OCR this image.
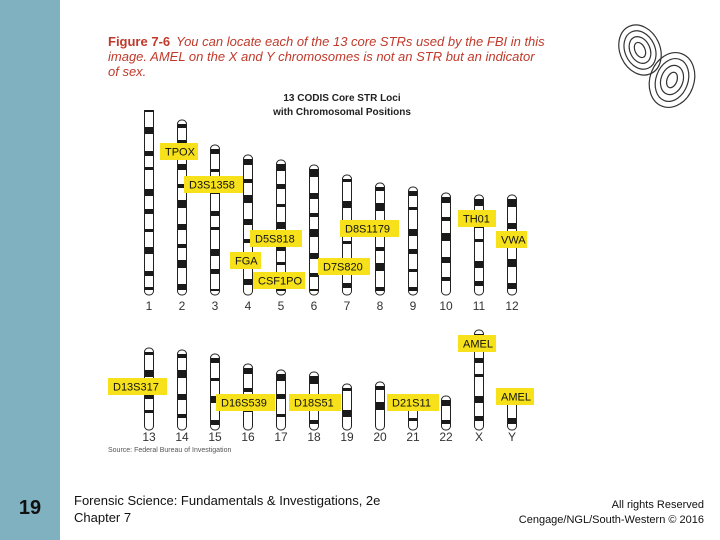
19
Figure 7-6 You can locate each of the 13 core STRs used by the FBI in this image. AMEL on the X and Y chromosomes is not an STR but an indicator of sex.
13 CODIS Core STR Loci
with Chromosomal Positions
1 2 3 4 5 6 7 8 9 10 11 12
13 14 15 16 17 18 19 20 21 22 X Y
TPOX
D3S1358
D5S818
FGA
CSF1PO
D8S1179
D7S820
TH01
VWA
D13S317
D16S539 D18S51	D21S11
AMEL
AMEL
Source: Federal Bureau of Investigation
Forensic Science: Fundamentals & Investigations, 2e
Chapter 7
All rights Reserved
Cengage/NGL/South-Western © 2016
